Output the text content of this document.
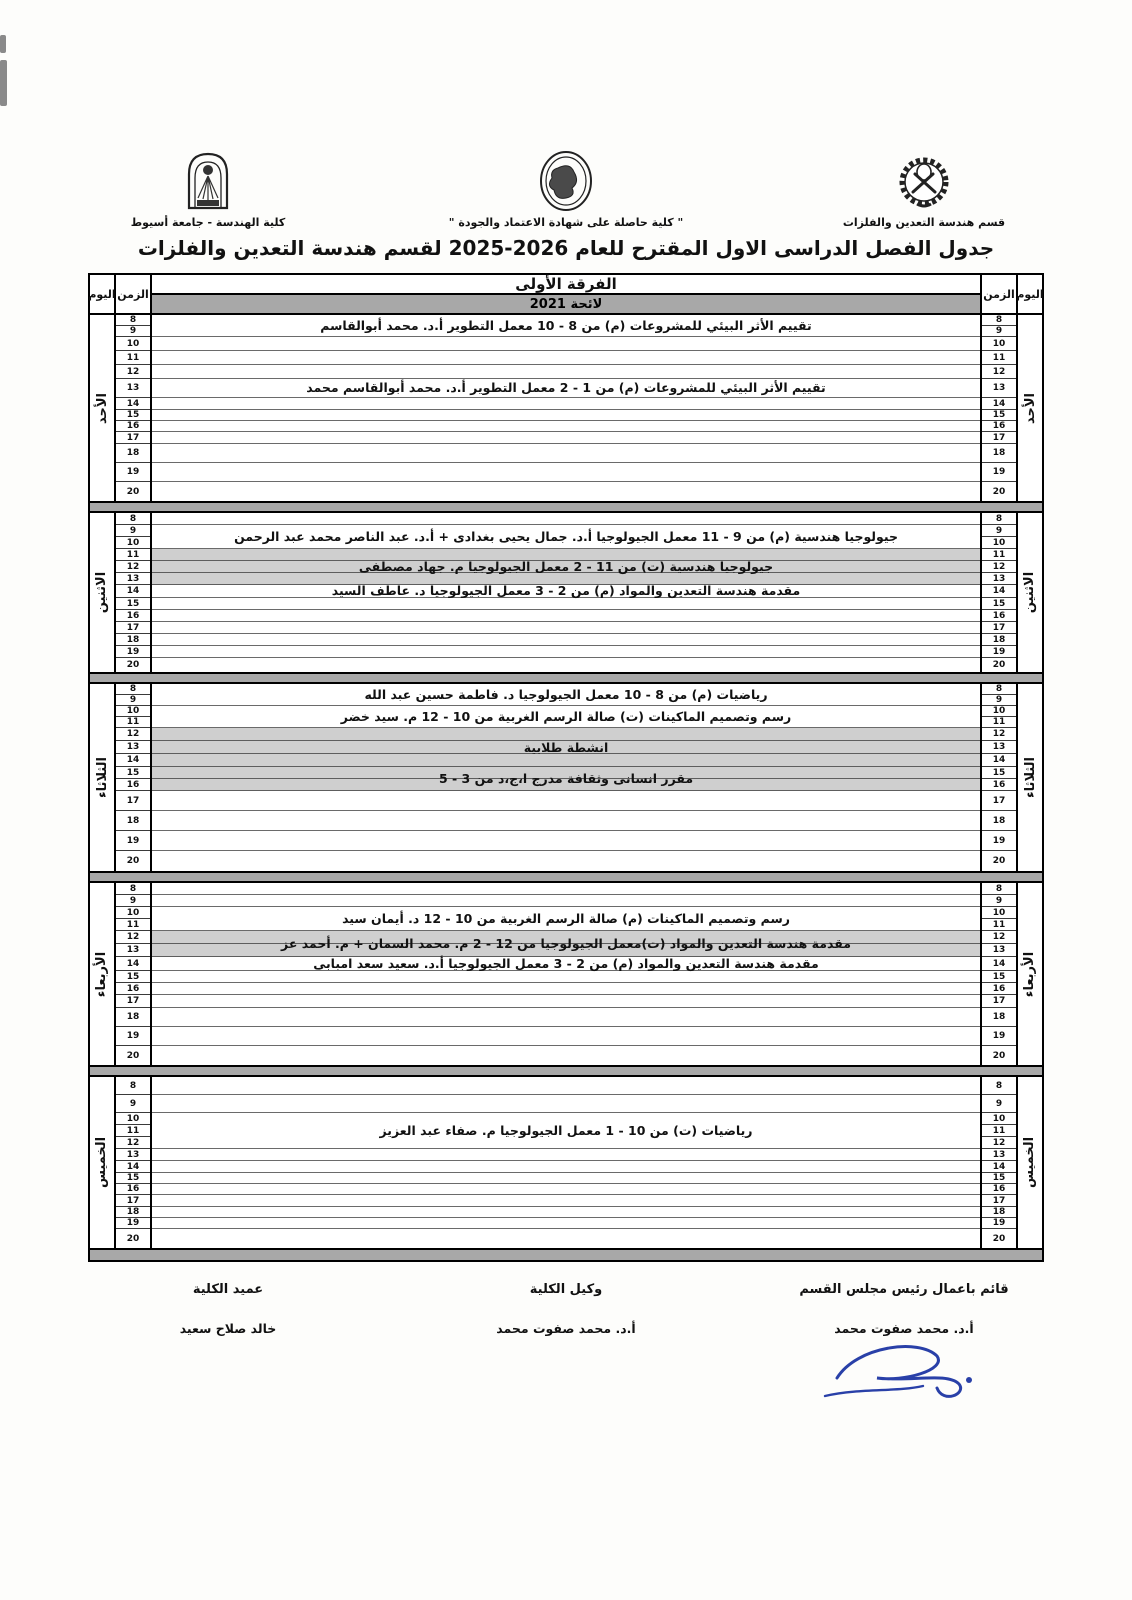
قسم هندسة التعدين والفلزات
" كلية حاصلة على شهادة الاعتماد والجودة "
كلية الهندسة - جامعة أسيوط
جدول الفصل الدراسى الاول المقترح للعام 2026-2025 لقسم هندسة التعدين والفلزات
اليوم الزمن
الفرقة الأولى
لائحة 2021
الزمن اليوم
الأحد
8
9
10
11
12
13
14
15
16
17
18
19
20
تقييم الأثر البيئي للمشروعات (م) من 8 - 10 معمل التطوير أ.د. محمد أبوالقاسم
تقييم الأثر البيئي للمشروعات (م) من 1 - 2 معمل التطوير أ.د. محمد أبوالقاسم محمد
8
9
10
11
12
13
14
15
16
17
18
19
20
الأحد
الاثنين
8
9
10
11
12
13
14
15
16
17
18
19
20
جيولوجيا هندسية (م) من 9 - 11 معمل الجيولوجيا أ.د. جمال يحيى بغدادى + أ.د. عبد الناصر محمد عبد الرحمن
جيولوجيا هندسية (ت) من 11 - 2 معمل الجيولوجيا م. جهاد مصطفى
مقدمة هندسة التعدين والمواد (م) من 2 - 3 معمل الجيولوجيا د. عاطف السيد
8
9
10
11
12
13
14
15
16
17
18
19
20
الاثنين
الثلاثاء
8
9
10
11
12
13
14
15
16
17
18
19
20
رياضيات (م) من 8 - 10 معمل الجيولوجيا د. فاطمة حسين عبد الله
رسم وتصميم الماكينات (ت) صالة الرسم الغربية من 10 - 12 م. سيد خضر
انشطة طلابية
مقرر انسانى وثقافة مدرج ا،ج،د من 3 - 5
8
9
10
11
12
13
14
15
16
17
18
19
20
الثلاثاء
الأربعاء
8
9
10
11
12
13
14
15
16
17
18
19
20
رسم وتصميم الماكينات (م) صالة الرسم الغربية من 10 - 12 د. أيمان سيد
مقدمة هندسة التعدين والمواد (ت)معمل الجيولوجيا من 12 - 2 م. محمد السمان + م. أحمد عز
مقدمة هندسة التعدين والمواد (م) من 2 - 3 معمل الجيولوجيا أ.د. سعيد سعد امبابى
8
9
10
11
12
13
14
15
16
17
18
19
20
الأربعاء
الخميس
8
9
10
11
12
13
14
15
16
17
18
19
20
رياضيات (ت) من 10 - 1 معمل الجيولوجيا م. صفاء عبد العزيز
8
9
10
11
12
13
14
15
16
17
18
19
20
الخميس
قائم باعمال رئيس مجلس القسم
أ.د. محمد صفوت محمد
وكيل الكلية
أ.د. محمد صفوت محمد
عميد الكلية
خالد صلاح سعيد
